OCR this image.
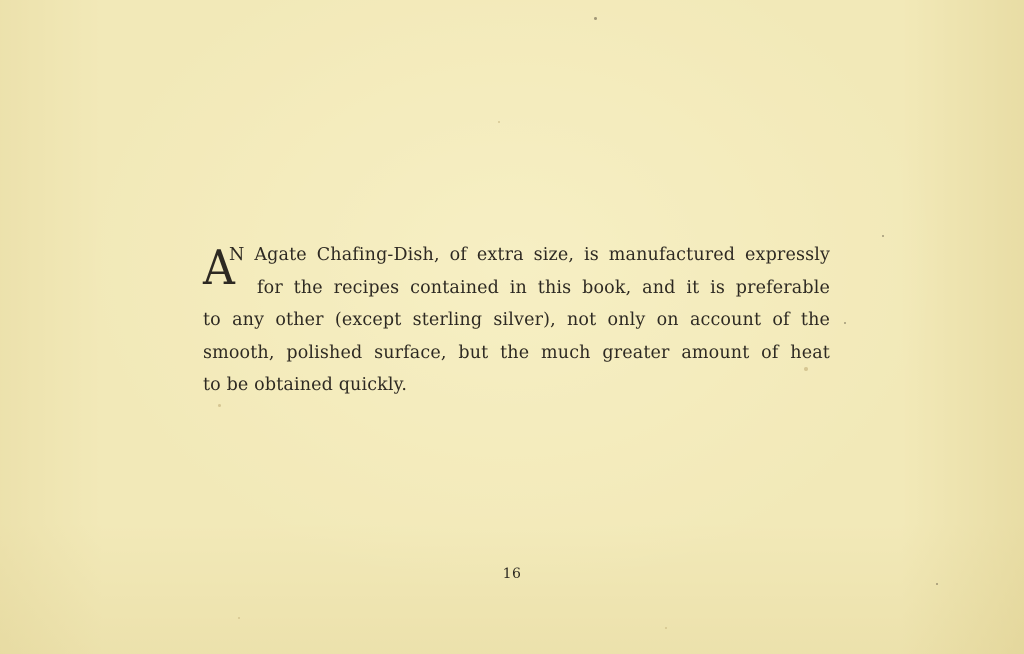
A
N Agate Chafing-Dish, of extra size, is manufactured expressly
for the recipes contained in this book, and it is preferable
to any other (except sterling silver), not only on account of the
smooth, polished surface, but the much greater amount of heat
to be obtained quickly.
16
